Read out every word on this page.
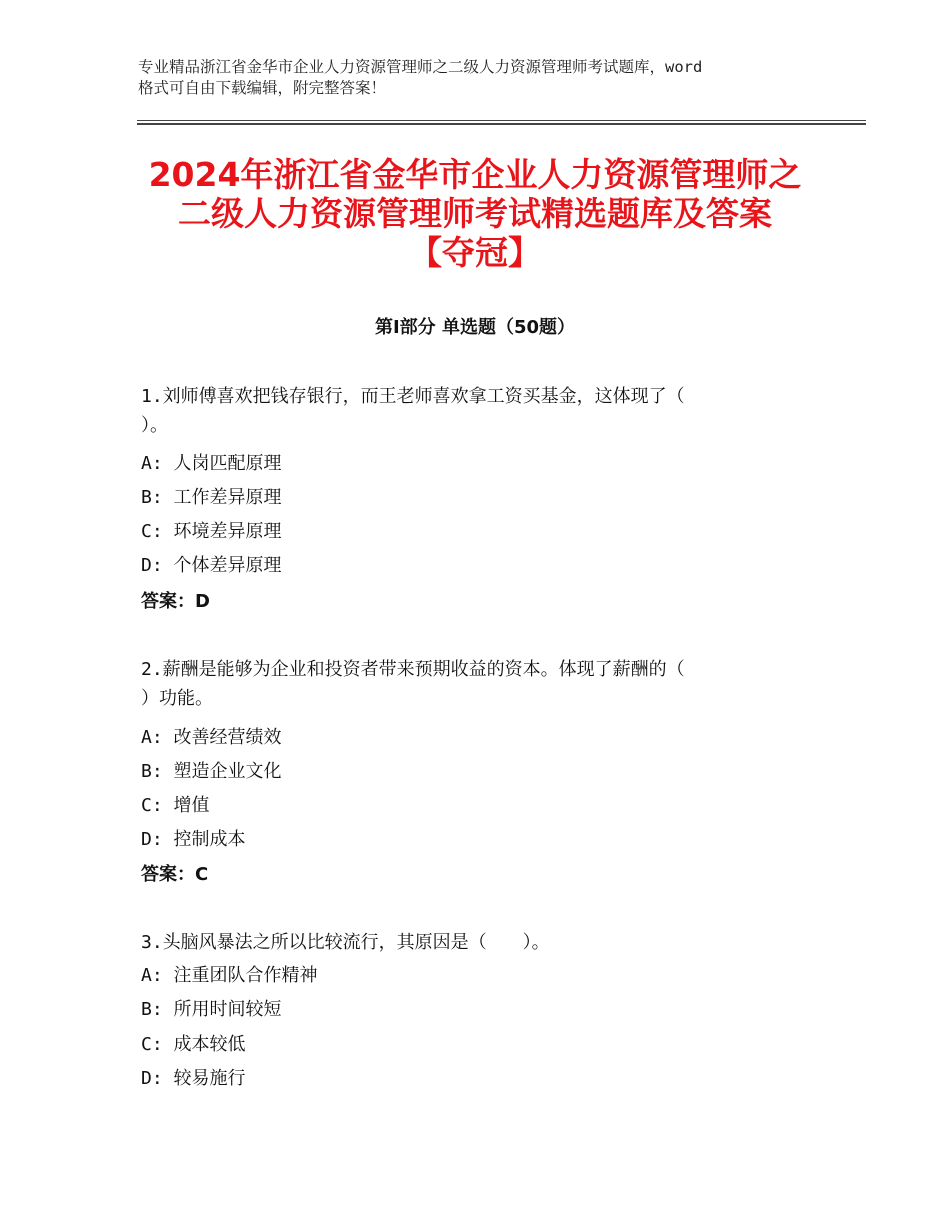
专业精品浙江省金华市企业人力资源管理师之二级人力资源管理师考试题库，word
格式可自由下载编辑，附完整答案！
2024年浙江省金华市企业人力资源管理师之
二级人力资源管理师考试精选题库及答案
【夺冠】
第Ⅰ部分 单选题（50题）
1.刘师傅喜欢把钱存银行，而王老师喜欢拿工资买基金，这体现了（
）。
A: 人岗匹配原理
B: 工作差异原理
C: 环境差异原理
D: 个体差异原理
答案：D
2.薪酬是能够为企业和投资者带来预期收益的资本。体现了薪酬的（
）功能。
A: 改善经营绩效
B: 塑造企业文化
C: 增值
D: 控制成本
答案：C
3.头脑风暴法之所以比较流行，其原因是（　　）。
A: 注重团队合作精神
B: 所用时间较短
C: 成本较低
D: 较易施行
